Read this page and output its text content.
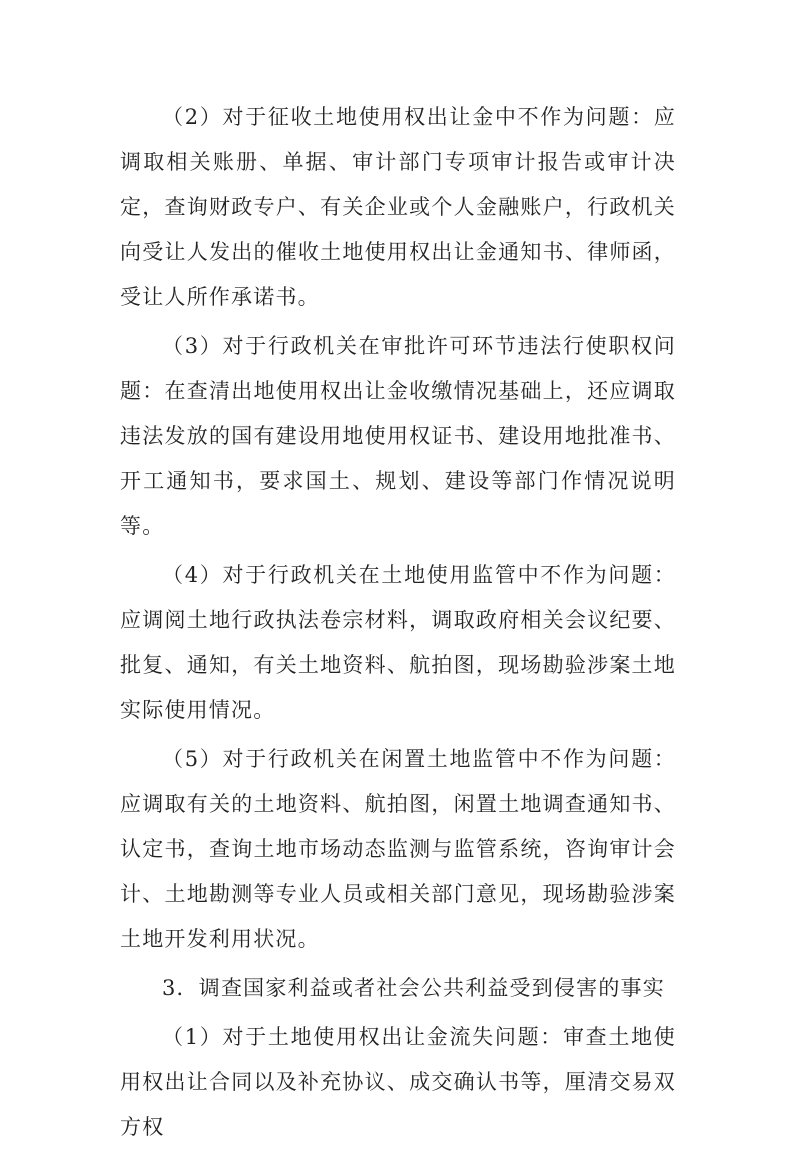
（2）对于征收土地使用权出让金中不作为问题：应调取相关账册、单据、审计部门专项审计报告或审计决定，查询财政专户、有关企业或个人金融账户，行政机关向受让人发出的催收土地使用权出让金通知书、律师函，受让人所作承诺书。

（3）对于行政机关在审批许可环节违法行使职权问题：在查清出地使用权出让金收缴情况基础上，还应调取违法发放的国有建设用地使用权证书、建设用地批准书、开工通知书，要求国土、规划、建设等部门作情况说明等。

（4）对于行政机关在土地使用监管中不作为问题：应调阅土地行政执法卷宗材料，调取政府相关会议纪要、批复、通知，有关土地资料、航拍图，现场勘验涉案土地实际使用情况。

（5）对于行政机关在闲置土地监管中不作为问题：应调取有关的土地资料、航拍图，闲置土地调查通知书、认定书，查询土地市场动态监测与监管系统，咨询审计会计、土地勘测等专业人员或相关部门意见，现场勘验涉案土地开发利用状况。

3．调查国家利益或者社会公共利益受到侵害的事实

（1）对于土地使用权出让金流失问题：审查土地使用权出让合同以及补充协议、成交确认书等，厘清交易双方权
